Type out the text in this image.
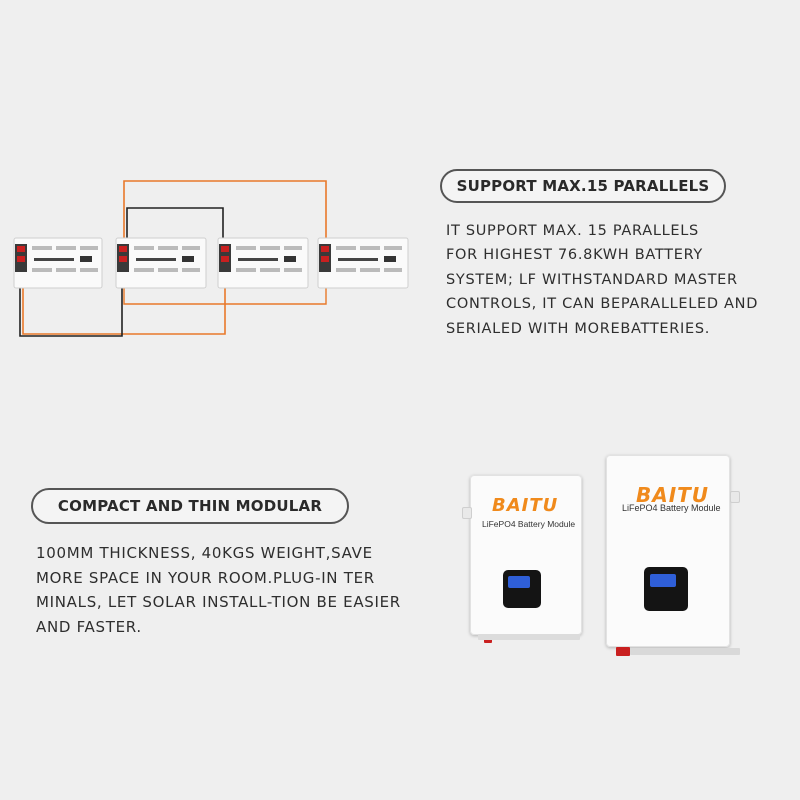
SUPPORT MAX.15 PARALLELS
IT SUPPORT MAX. 15 PARALLELS
FOR HIGHEST 76.8KWH BATTERY
SYSTEM; LF WITHSTANDARD MASTER
CONTROLS, IT CAN BEPARALLELED AND
SERIALED WITH MOREBATTERIES.
COMPACT AND THIN MODULAR
100MM THICKNESS, 40KGS WEIGHT,SAVE
MORE SPACE IN YOUR ROOM.PLUG-IN TER
MINALS, LET SOLAR INSTALL-TION BE EASIER
AND FASTER.
BAITU
LiFePO4 Battery Module
BAITU
LiFePO4 Battery Module
